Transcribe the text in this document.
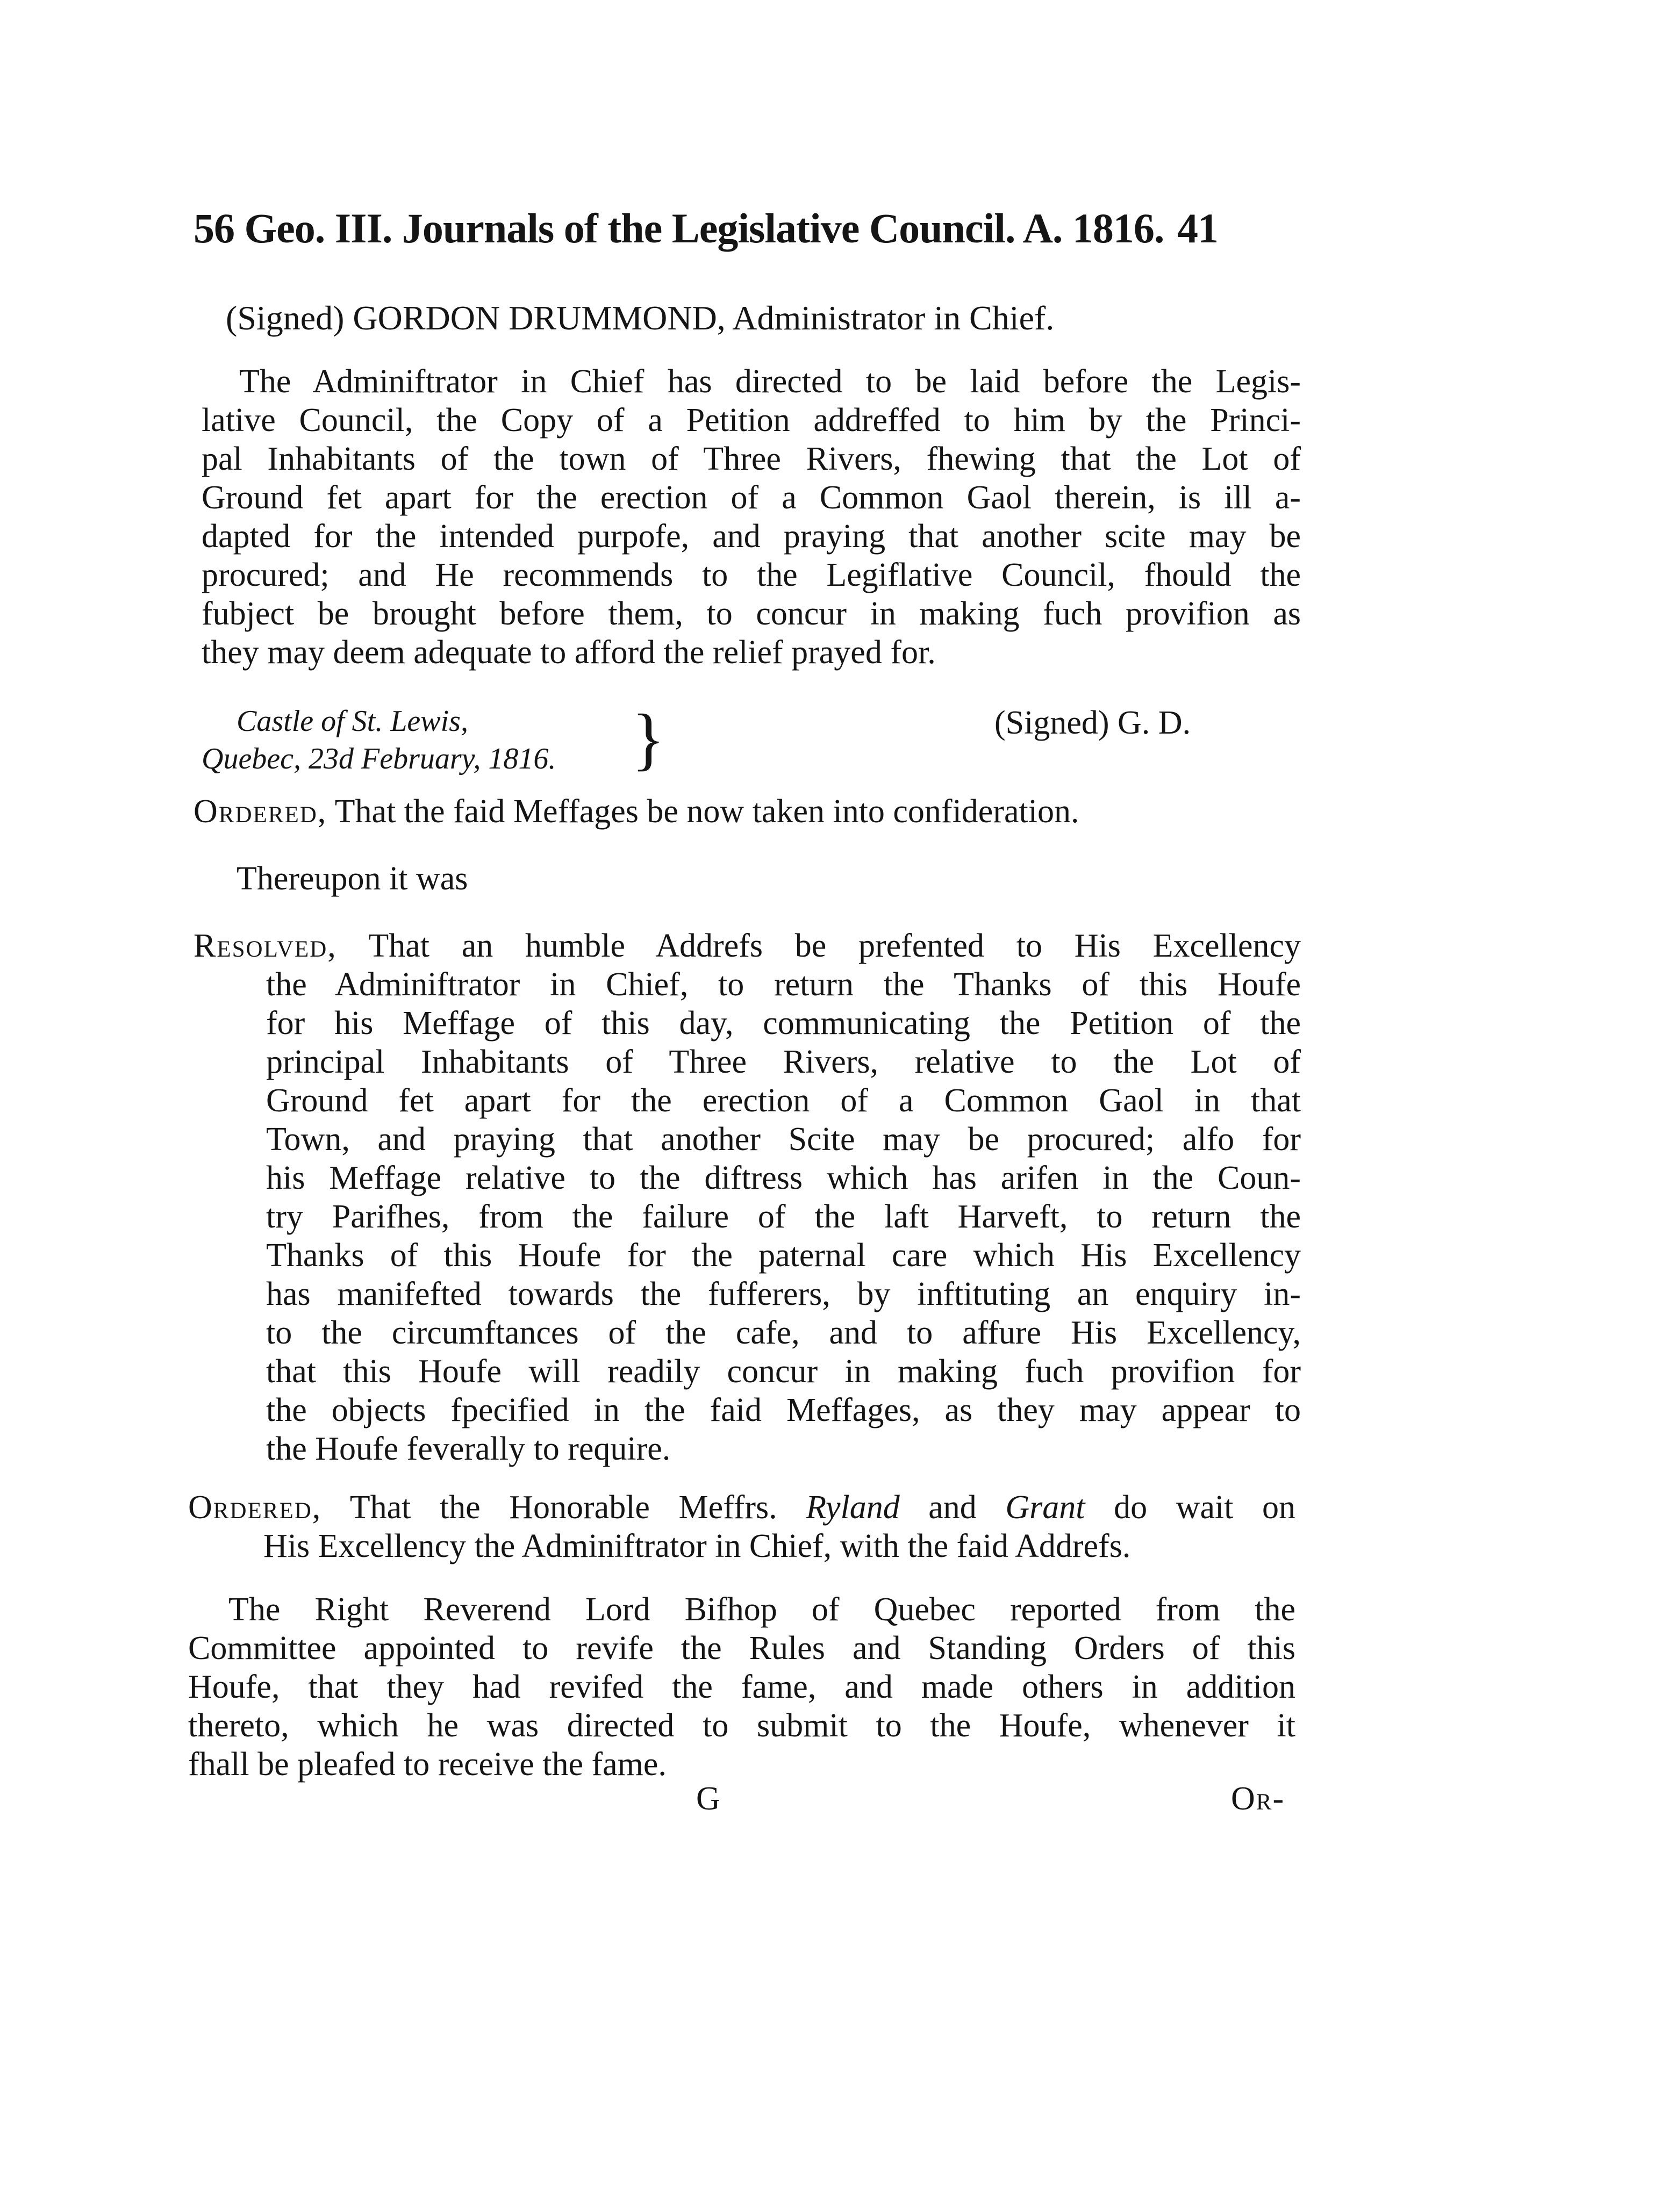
56 Geo. III. Journals of the Legislative Council. A. 1816. 41
(Signed) GORDON DRUMMOND, Administrator in Chief.
The Adminiftrator in Chief has directed to be laid before the Legis-
lative Council, the Copy of a Petition addreffed to him by the Princi-
pal Inhabitants of the town of Three Rivers, fhewing that the Lot of
Ground fet apart for the erection of a Common Gaol therein, is ill a-
dapted for the intended purpofe, and praying that another scite may be
procured; and He recommends to the Legiflative Council, fhould the
fubject be brought before them, to concur in making fuch provifion as
they may deem adequate to afford the relief prayed for.
Castle of St. Lewis,
Quebec, 23d February, 1816. }	(Signed) G. D.
Ordered, That the faid Meffages be now taken into confideration.
Thereupon it was
Resolved, That an humble Addrefs be prefented to His Excellency
the Adminiftrator in Chief, to return the Thanks of this Houfe
for his Meffage of this day, communicating the Petition of the
principal Inhabitants of Three Rivers, relative to the Lot of
Ground fet apart for the erection of a Common Gaol in that
Town, and praying that another Scite may be procured; alfo for
his Meffage relative to the diftress which has arifen in the Coun-
try Parifhes, from the failure of the laft Harveft, to return the
Thanks of this Houfe for the paternal care which His Excellency
has manifefted towards the fufferers, by inftituting an enquiry in-
to the circumftances of the cafe, and to affure His Excellency,
that this Houfe will readily concur in making fuch provifion for
the objects fpecified in the faid Meffages, as they may appear to
the Houfe feverally to require.
Ordered, That the Honorable Meffrs. Ryland and Grant do wait on
His Excellency the Adminiftrator in Chief, with the faid Addrefs.
The Right Reverend Lord Bifhop of Quebec reported from the
Committee appointed to revife the Rules and Standing Orders of this
Houfe, that they had revifed the fame, and made others in addition
thereto, which he was directed to submit to the Houfe, whenever it
fhall be pleafed to receive the fame.
G	Or-
